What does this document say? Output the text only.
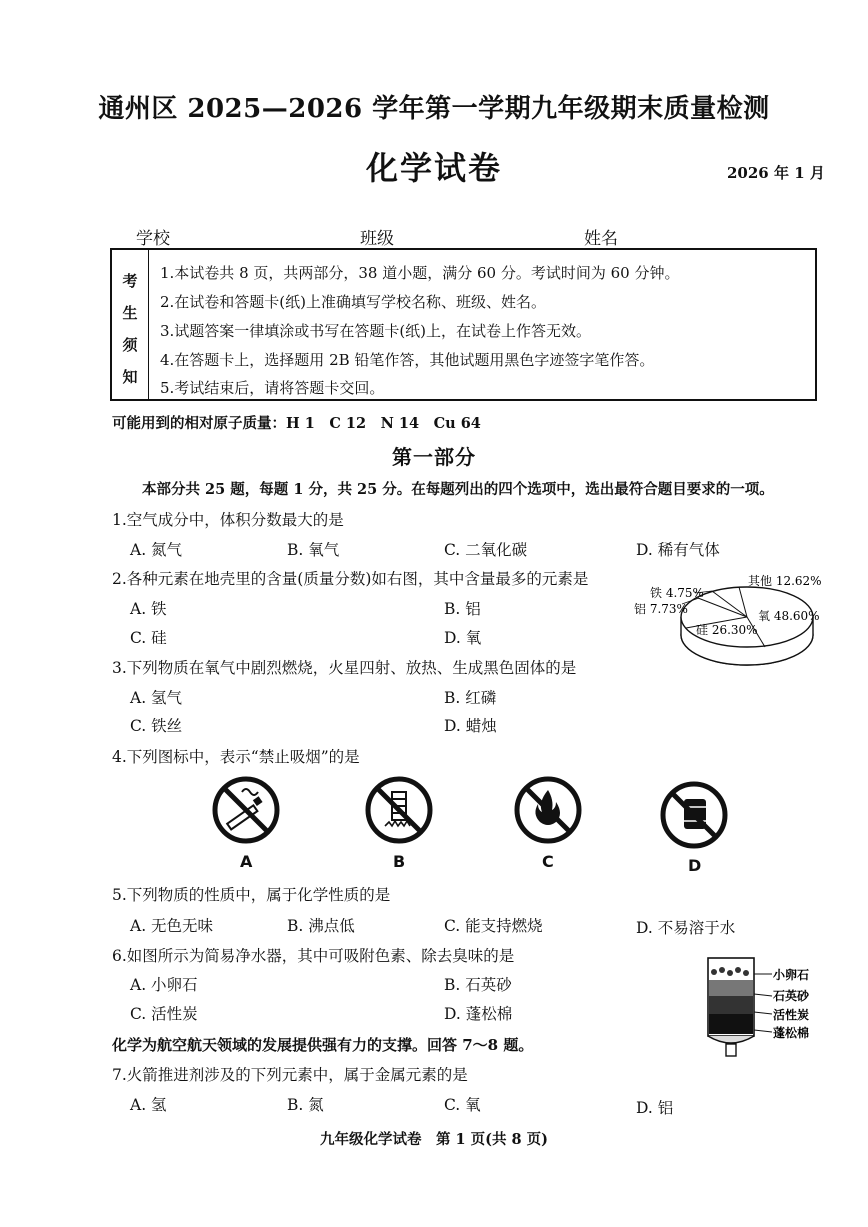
通州区 2025—2026 学年第一学期九年级期末质量检测
化学试卷	2026 年 1 月
学校	班级	姓名
考
生
须
知
1.本试卷共 8 页，共两部分，38 道小题，满分 60 分。考试时间为 60 分钟。
2.在试卷和答题卡(纸)上准确填写学校名称、班级、姓名。
3.试题答案一律填涂或书写在答题卡(纸)上，在试卷上作答无效。
4.在答题卡上，选择题用 2B 铅笔作答，其他试题用黑色字迹签字笔作答。
5.考试结束后，请将答题卡交回。
可能用到的相对原子质量：H 1　C 12　N 14　Cu 64
第一部分
本部分共 25 题，每题 1 分，共 25 分。在每题列出的四个选项中，选出最符合题目要求的一项。
1.空气成分中，体积分数最大的是
A. 氮气	B. 氧气	C. 二氧化碳	D. 稀有气体
2.各种元素在地壳里的含量(质量分数)如右图，其中含量最多的元素是
A. 铁	B. 铝
C. 硅	D. 氧
其他 12.62%
铁 4.75%
铝 7.73%
硅 26.30%
氧 48.60%
3.下列物质在氧气中剧烈燃烧，火星四射、放热、生成黑色固体的是
A. 氢气	B. 红磷
C. 铁丝	D. 蜡烛
4.下列图标中，表示“禁止吸烟”的是
A	B	C	D
5.下列物质的性质中，属于化学性质的是
A. 无色无味	B. 沸点低	C. 能支持燃烧	D. 不易溶于水
6.如图所示为简易净水器，其中可吸附色素、除去臭味的是
A. 小卵石	B. 石英砂
C. 活性炭	D. 蓬松棉
小卵石
石英砂
活性炭
蓬松棉
化学为航空航天领域的发展提供强有力的支撑。回答 7～8 题。
7.火箭推进剂涉及的下列元素中，属于金属元素的是
A. 氢	B. 氮	C. 氧	D. 铝
九年级化学试卷　第 1 页(共 8 页)
